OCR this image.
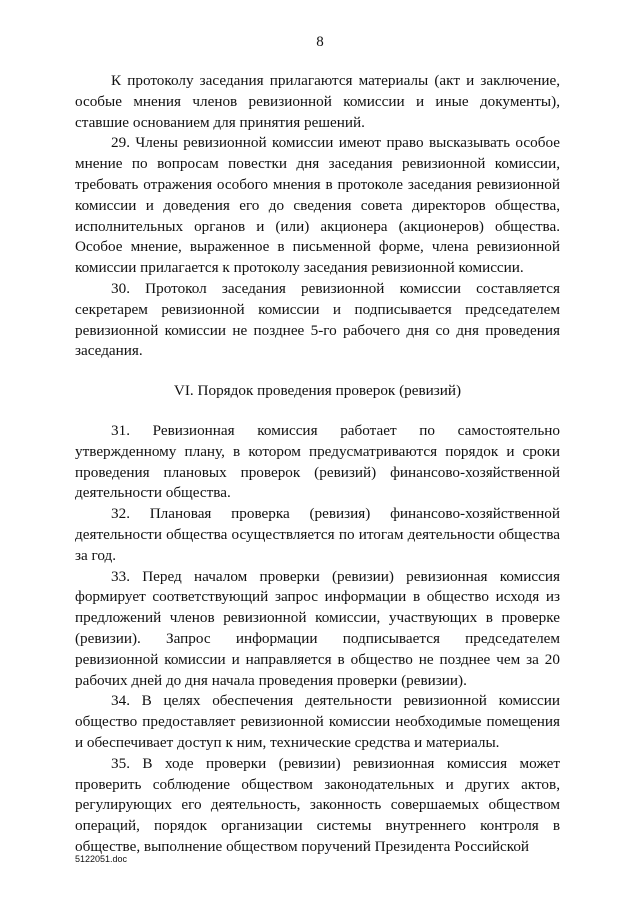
8

К протоколу заседания прилагаются материалы (акт и заключение, особые мнения членов ревизионной комиссии и иные документы), ставшие основанием для принятия решений.

29. Члены ревизионной комиссии имеют право высказывать особое мнение по вопросам повестки дня заседания ревизионной комиссии, требовать отражения особого мнения в протоколе заседания ревизионной комиссии и доведения его до сведения совета директоров общества, исполнительных органов и (или) акционера (акционеров) общества. Особое мнение, выраженное в письменной форме, члена ревизионной комиссии прилагается к протоколу заседания ревизионной комиссии.

30. Протокол заседания ревизионной комиссии составляется секретарем ревизионной комиссии и подписывается председателем ревизионной комиссии не позднее 5-го рабочего дня со дня проведения заседания.

VI. Порядок проведения проверок (ревизий)

31. Ревизионная комиссия работает по самостоятельно утвержденному плану, в котором предусматриваются порядок и сроки проведения плановых проверок (ревизий) финансово-хозяйственной деятельности общества.

32. Плановая проверка (ревизия) финансово-хозяйственной деятельности общества осуществляется по итогам деятельности общества за год.

33. Перед началом проверки (ревизии) ревизионная комиссия формирует соответствующий запрос информации в общество исходя из предложений членов ревизионной комиссии, участвующих в проверке (ревизии). Запрос информации подписывается председателем ревизионной комиссии и направляется в общество не позднее чем за 20 рабочих дней до дня начала проведения проверки (ревизии).

34. В целях обеспечения деятельности ревизионной комиссии общество предоставляет ревизионной комиссии необходимые помещения и обеспечивает доступ к ним, технические средства и материалы.

35. В ходе проверки (ревизии) ревизионная комиссия может проверить соблюдение обществом законодательных и других актов, регулирующих его деятельность, законность совершаемых обществом операций, порядок организации системы внутреннего контроля в обществе, выполнение обществом поручений Президента Российской

5122051.doc
